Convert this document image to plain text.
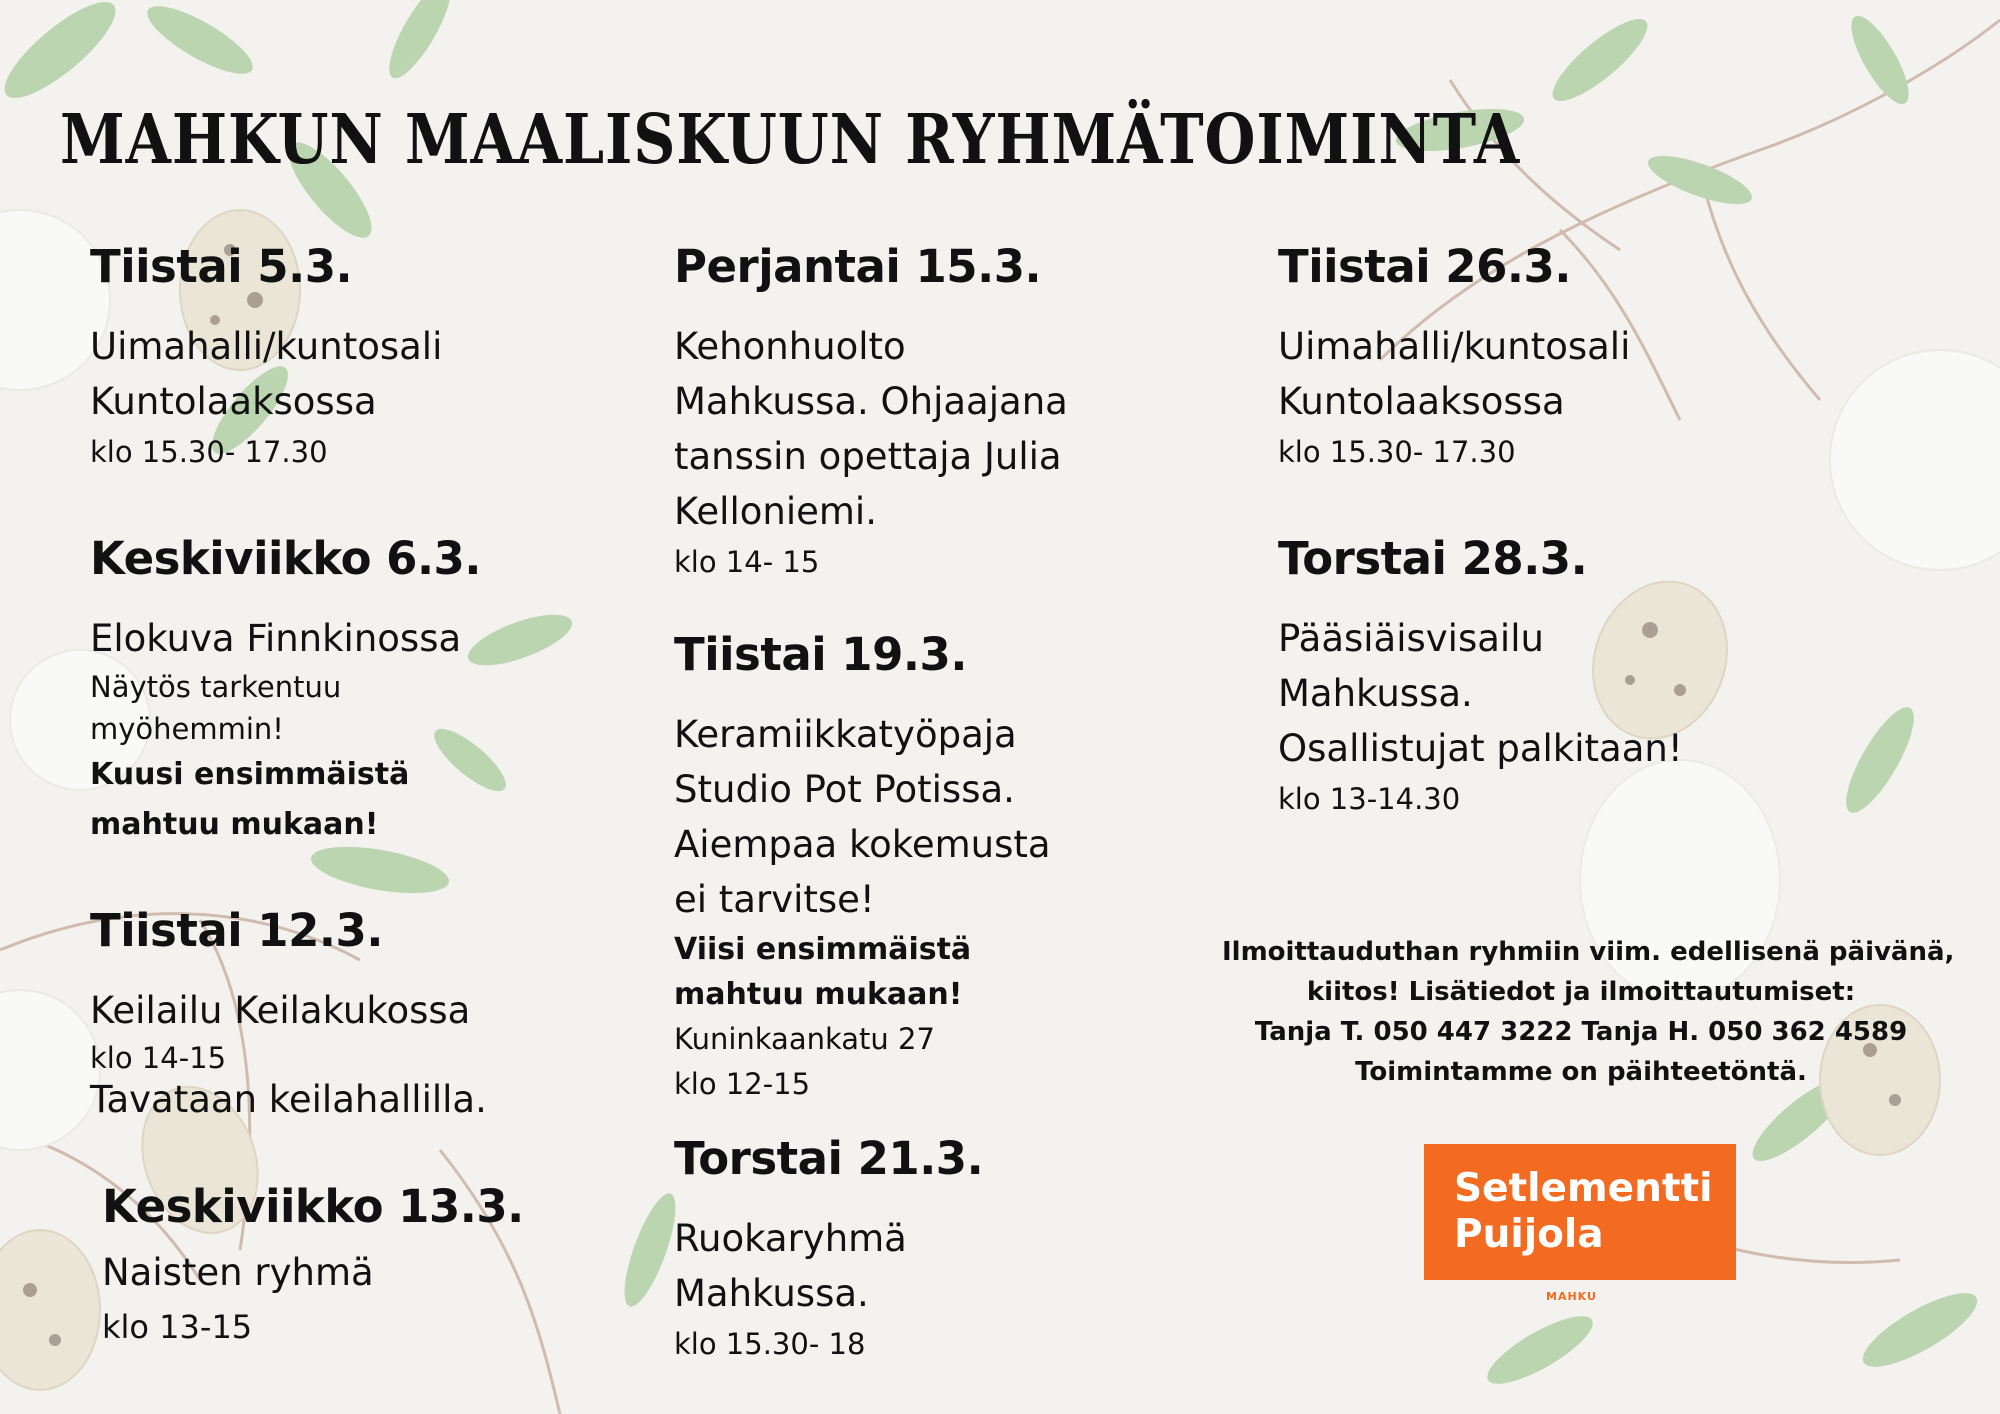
MAHKUN MAALISKUUN RYHMÄTOIMINTA
Tiistai 5.3.
Uimahalli/kuntosali
Kuntolaaksossa
klo 15.30- 17.30
Keskiviikko 6.3.
Elokuva Finnkinossa
Näytös tarkentuu
myöhemmin!
Kuusi ensimmäistä
mahtuu mukaan!
Tiistai 12.3.
Keilailu Keilakukossa
klo 14-15
Tavataan keilahallilla.
Keskiviikko 13.3.
Naisten ryhmä
klo 13-15
Perjantai 15.3.
Kehonhuolto
Mahkussa. Ohjaajana
tanssin opettaja Julia
Kelloniemi.
klo 14- 15
Tiistai 19.3.
Keramiikkatyöpaja
Studio Pot Potissa.
Aiempaa kokemusta
ei tarvitse!
Viisi ensimmäistä
mahtuu mukaan!
Kuninkaankatu 27
klo 12-15
Torstai 21.3.
Ruokaryhmä
Mahkussa.
klo 15.30- 18
Tiistai 26.3.
Uimahalli/kuntosali
Kuntolaaksossa
klo 15.30- 17.30
Torstai 28.3.
Pääsiäisvisailu
Mahkussa.
Osallistujat palkitaan!
klo 13-14.30
Ilmoittauduthan ryhmiin viim. edellisenä päivänä,
kiitos! Lisätiedot ja ilmoittautumiset:
Tanja T. 050 447 3222 Tanja H. 050 362 4589
Toimintamme on päihteetöntä.
Setlementti
Puijola
MAHKU
